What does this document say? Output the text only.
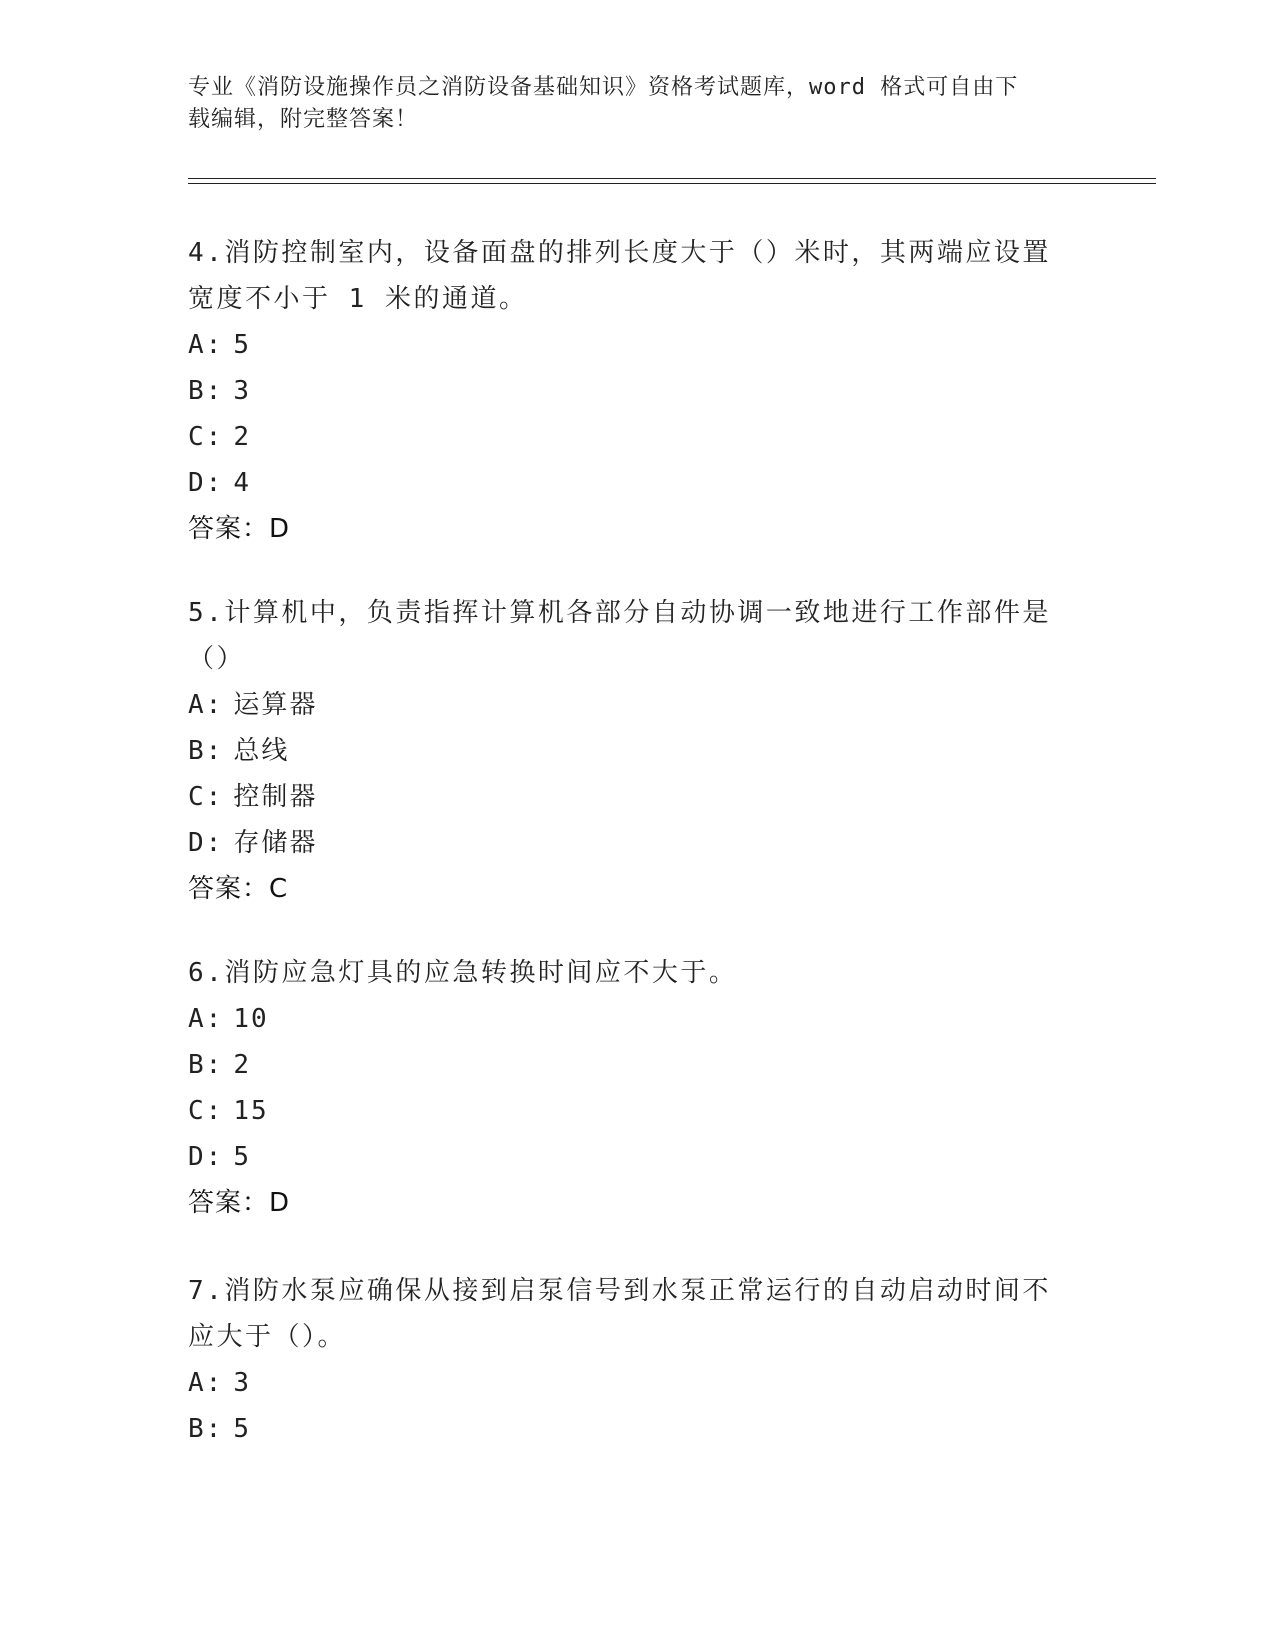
专业《消防设施操作员之消防设备基础知识》资格考试题库，word 格式可自由下
载编辑，附完整答案！
4.消防控制室内，设备面盘的排列长度大于（）米时，其两端应设置
宽度不小于 1 米的通道。
A: 5
B: 3
C: 2
D: 4
答案：D
5.计算机中，负责指挥计算机各部分自动协调一致地进行工作部件是
（）
A: 运算器
B: 总线
C: 控制器
D: 存储器
答案：C
6.消防应急灯具的应急转换时间应不大于。
A: 10
B: 2
C: 15
D: 5
答案：D
7.消防水泵应确保从接到启泵信号到水泵正常运行的自动启动时间不
应大于（）。
A: 3
B: 5
